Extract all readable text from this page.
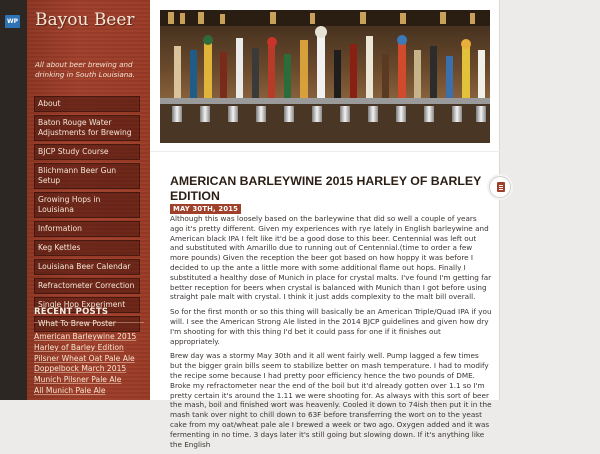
WP Bayou Beer
All about beer brewing and drinking in South Louisiana.
About
Baton Rouge Water Adjustments for Brewing
BJCP Study Course
Blichmann Beer Gun Setup
Growing Hops in Louisiana
Information
Keg Kettles
Louisiana Beer Calendar
Refractometer Correction
Single Hop Experiment
What To Brew Poster
RECENT POSTS
American Barleywine 2015
Harley of Barley Edition
Pilsner Wheat Oat Pale Ale
Doppelbock March 2015
Munich Pilsner Pale Ale
All Munich Pale Ale
AMERICAN BARLEYWINE 2015 HARLEY OF BARLEY EDITION
MAY 30TH, 2015

Although this was loosely based on the barleywine that did so well a couple of years ago it's pretty different. Given my experiences with rye lately in English barleywine and American black IPA I felt like it'd be a good dose to this beer. Centennial was left out and substituted with Amarillo due to running out of Centennial.(time to order a few more pounds) Given the reception the beer got based on how hoppy it was before I decided to up the ante a little more with some additional flame out hops. Finally I substituted a healthy dose of Munich in place for crystal malts. I've found I'm getting far better reception for beers when crystal is balanced with Munich than I got before using straight pale malt with crystal. I think it just adds complexity to the malt bill overall.

So for the first month or so this thing will basically be an American Triple/Quad IPA if you will. I see the American Strong Ale listed in the 2014 BJCP guidelines and given how dry I'm shooting for with this thing I'd bet it could pass for one if it finishes out appropriately.

Brew day was a stormy May 30th and it all went fairly well. Pump lagged a few times but the bigger grain bills seem to stabilize better on mash temperature. I had to modify the recipe some because I had pretty poor efficiency hence the two pounds of DME. Broke my refractometer near the end of the boil but it'd already gotten over 1.1 so I'm pretty certain it's around the 1.11 we were shooting for. As always with this sort of beer the mash, boil and finished wort was heavenly. Cooled it down to 74ish then put it in the mash tank over night to chill down to 63F before transferring the wort on to the yeast cake from my oat/wheat pale ale I brewed a week or two ago. Oxygen added and it was fermenting in no time. 3 days later it's still going but slowing down. If it's anything like the English
